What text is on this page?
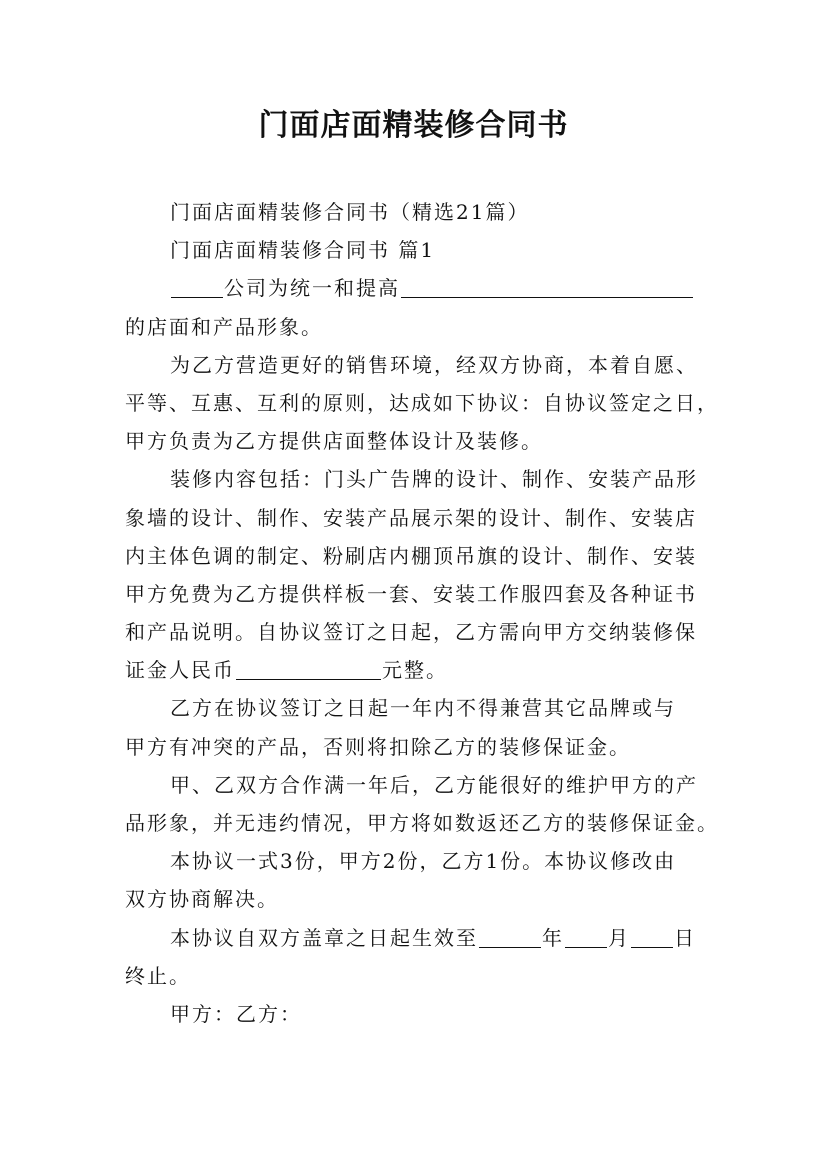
门面店面精装修合同书
门面店面精装修合同书（精选21篇）
门面店面精装修合同书 篇1
公司为统一和提高
的店面和产品形象。
为乙方营造更好的销售环境，经双方协商，本着自愿、
平等、互惠、互利的原则，达成如下协议：自协议签定之日，
甲方负责为乙方提供店面整体设计及装修。
装修内容包括：门头广告牌的设计、制作、安装产品形
象墙的设计、制作、安装产品展示架的设计、制作、安装店
内主体色调的制定、粉刷店内棚顶吊旗的设计、制作、安装
甲方免费为乙方提供样板一套、安装工作服四套及各种证书
和产品说明。自协议签订之日起，乙方需向甲方交纳装修保
证金人民币	元整。
乙方在协议签订之日起一年内不得兼营其它品牌或与
甲方有冲突的产品，否则将扣除乙方的装修保证金。
甲、乙双方合作满一年后，乙方能很好的维护甲方的产
品形象，并无违约情况，甲方将如数返还乙方的装修保证金。
本协议一式3份，甲方2份，乙方1份。本协议修改由
双方协商解决。
本协议自双方盖章之日起生效至	年 月 日
终止。
甲方：乙方：
